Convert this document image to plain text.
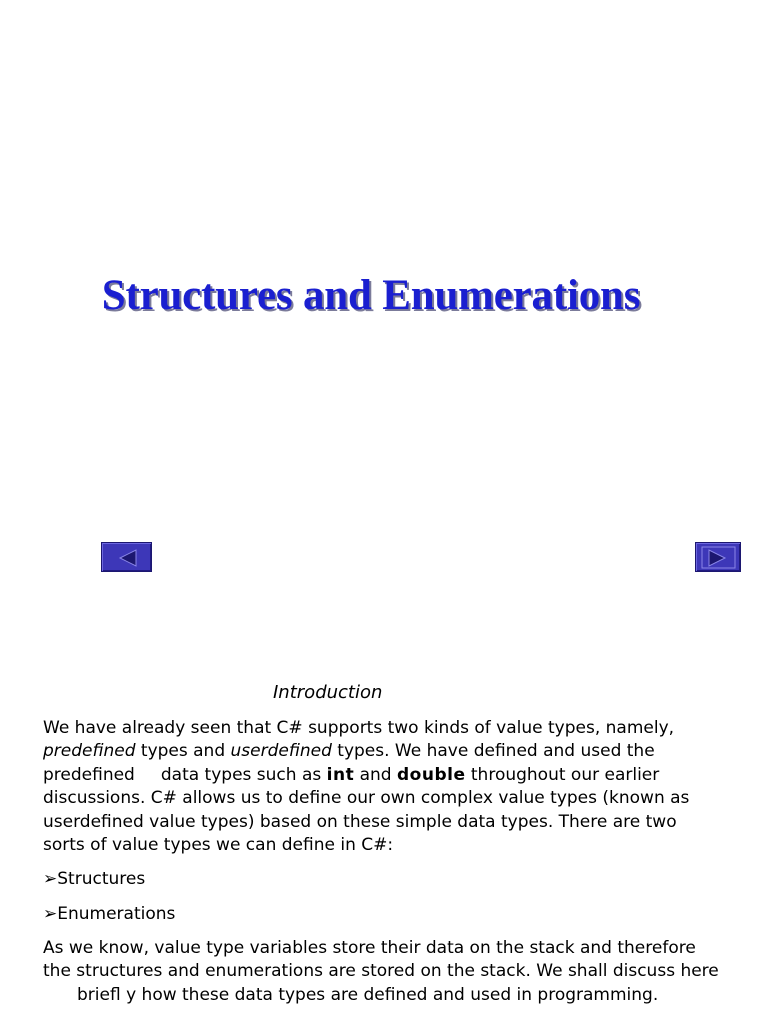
Structures and Enumerations
Introduction

We have already seen that C# supports two kinds of value types, namely,
predefined types and userdefined types. We have defined and used the
predefined data types such as int and double throughout our earlier
discussions. C# allows us to define our own complex value types (known as
userdefined value types) based on these simple data types. There are two
sorts of value types we can define in C#:

➢Structures

➢Enumerations

As we know, value type variables store their data on the stack and therefore
the structures and enumerations are stored on the stack. We shall discuss here
briefl y how these data types are defined and used in programming.
